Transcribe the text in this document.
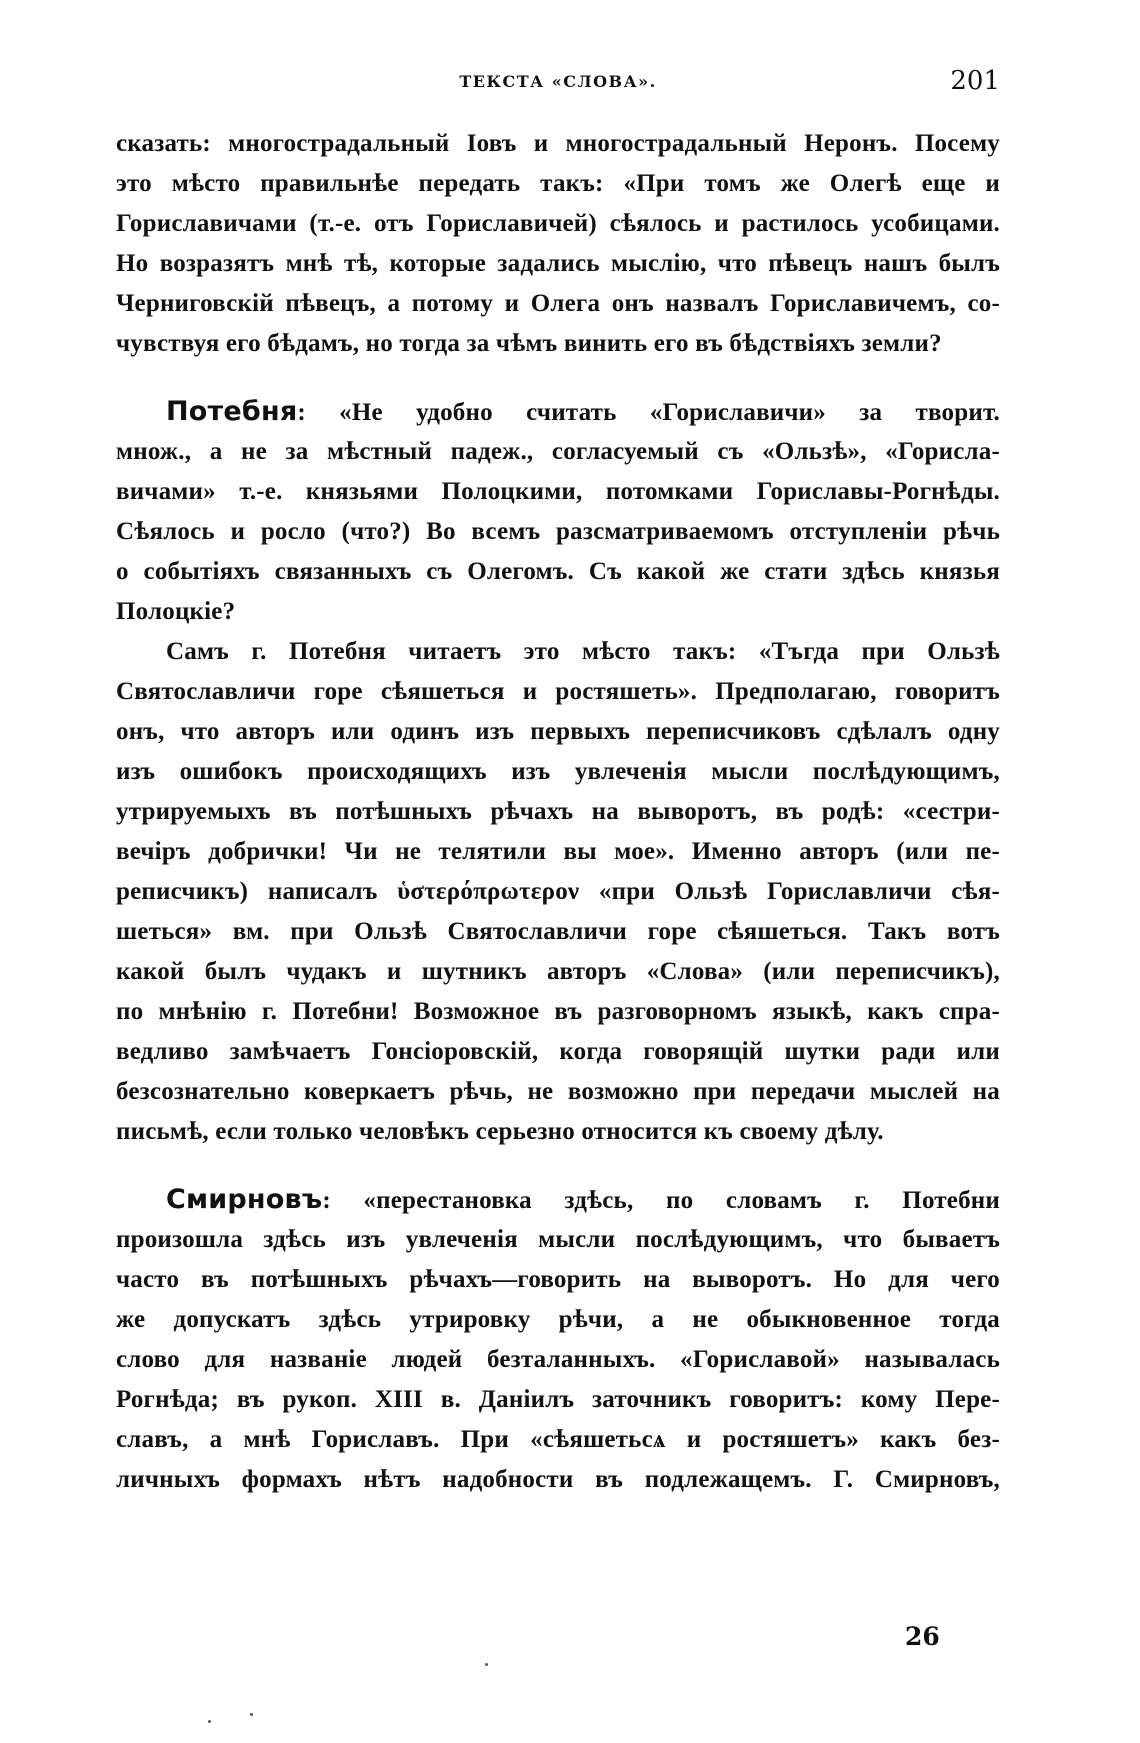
ТЕКСТА «СЛОВА».	201
сказать: многострадальный Іовъ и многострадальный Неронъ. Посему
это мѣсто правильнѣе передать такъ: «При томъ же Олегѣ еще и
Гориславичами (т.-е. отъ Гориславичей) сѣялось и растилось усобицами.
Но возразятъ мнѣ тѣ, которые задались мыслію, что пѣвецъ нашъ былъ
Черниговскій пѣвецъ, а потому и Олега онъ назвалъ Гориславичемъ, со-
чувствуя его бѣдамъ, но тогда за чѣмъ винить его въ бѣдствіяхъ земли?
Потебня: «Не удобно считать «Гориславичи» за творит.
множ., а не за мѣстный падеж., согласуемый съ «Ользѣ», «Горисла-
вичами» т.-е. князьями Полоцкими, потомками Гориславы-Рогнѣды.
Сѣялось и росло (что?) Во всемъ разсматриваемомъ отступленіи рѣчь
о событіяхъ связанныхъ съ Олегомъ. Съ какой же стати здѣсь князья
Полоцкіе?
Самъ г. Потебня читаетъ это мѣсто такъ: «Тъгда при Ользѣ
Святославличи горе сѣяшеться и ростяшеть». Предполагаю, говоритъ
онъ, что авторъ или одинъ изъ первыхъ переписчиковъ сдѣлалъ одну
изъ ошибокъ происходящихъ изъ увлеченія мысли послѣдующимъ,
утрируемыхъ въ потѣшныхъ рѣчахъ на выворотъ, въ родѣ: «сестри-
вечіръ добрички! Чи не телятили вы мое». Именно авторъ (или пе-
реписчикъ) написалъ ὑστερόπρωτερον «при Ользѣ Гориславличи сѣя-
шеться» вм. при Ользѣ Святославличи горе сѣяшеться. Такъ вотъ
какой былъ чудакъ и шутникъ авторъ «Слова» (или переписчикъ),
по мнѣнію г. Потебни! Возможное въ разговорномъ языкѣ, какъ спра-
ведливо замѣчаетъ Гонсіоровскій, когда говорящій шутки ради или
безсознательно коверкаетъ рѣчь, не возможно при передачи мыслей на
письмѣ, если только человѣкъ серьезно относится къ своему дѣлу.
Смирновъ: «перестановка здѣсь, по словамъ г. Потебни
произошла здѣсь изъ увлеченія мысли послѣдующимъ, что бываетъ
часто въ потѣшныхъ рѣчахъ—говорить на выворотъ. Но для чего
же допускатъ здѣсь утрировку рѣчи, а не обыкновенное тогда
слово для названіе людей безталанныхъ. «Гориславой» называлась
Рогнѣда; въ рукоп. XIII в. Даніилъ заточникъ говоритъ: кому Пере-
славъ, а мнѣ Гориславъ. При «сѣяшетьсѧ и ростяшетъ» какъ без-
личныхъ формахъ нѣтъ надобности въ подлежащемъ. Г. Смирновъ,
26
